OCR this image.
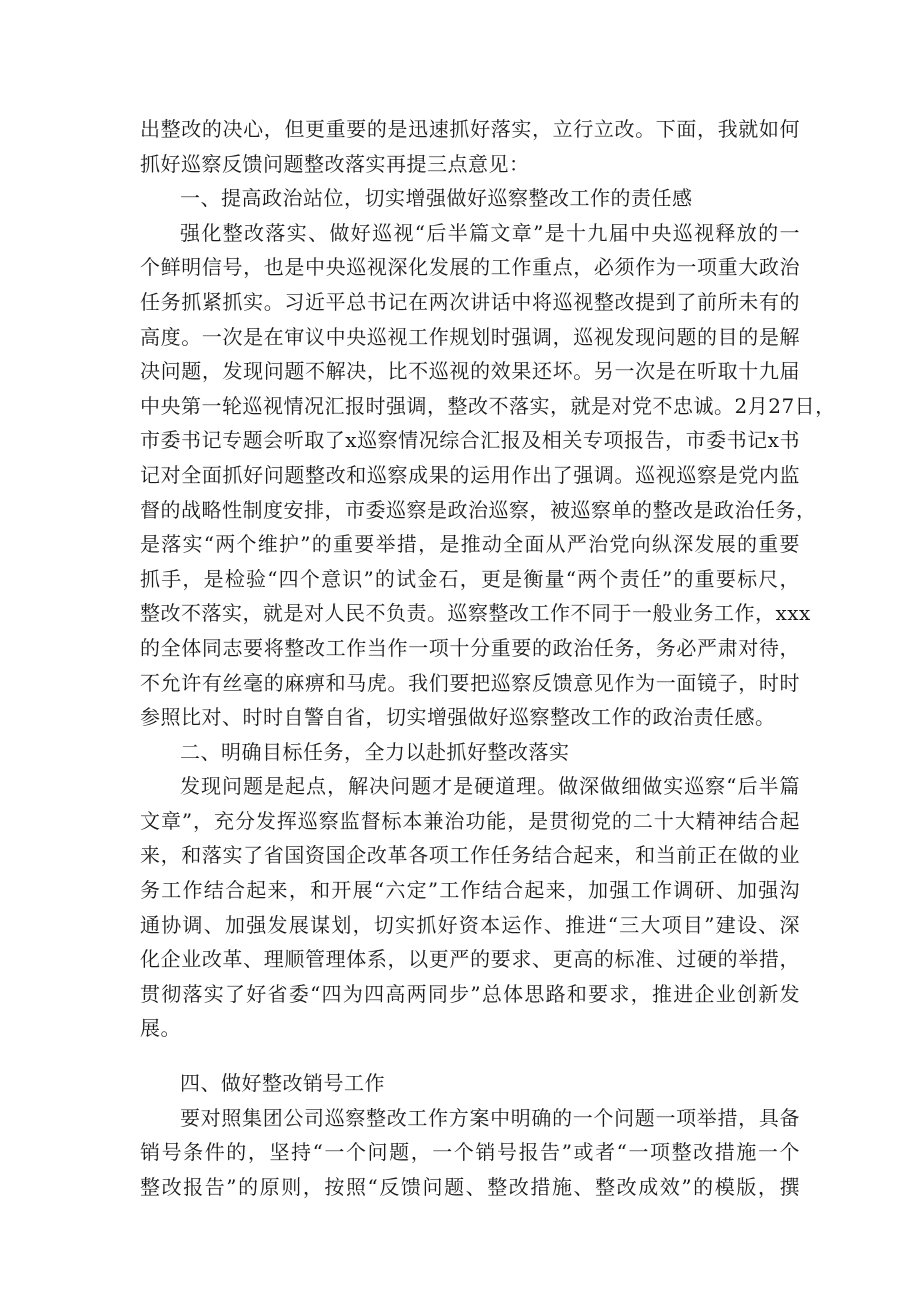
出整改的决心，但更重要的是迅速抓好落实，立行立改。下面，我就如何
抓好巡察反馈问题整改落实再提三点意见：
一、提高政治站位，切实增强做好巡察整改工作的责任感
强化整改落实、做好巡视“后半篇文章”是十九届中央巡视释放的一
个鲜明信号，也是中央巡视深化发展的工作重点，必须作为一项重大政治
任务抓紧抓实。习近平总书记在两次讲话中将巡视整改提到了前所未有的
高度。一次是在审议中央巡视工作规划时强调，巡视发现问题的目的是解
决问题，发现问题不解决，比不巡视的效果还坏。另一次是在听取十九届
中央第一轮巡视情况汇报时强调，整改不落实，就是对党不忠诚。2月27日，
市委书记专题会听取了x巡察情况综合汇报及相关专项报告，市委书记x书
记对全面抓好问题整改和巡察成果的运用作出了强调。巡视巡察是党内监
督的战略性制度安排，市委巡察是政治巡察，被巡察单的整改是政治任务，
是落实“两个维护”的重要举措，是推动全面从严治党向纵深发展的重要
抓手，是检验“四个意识”的试金石，更是衡量“两个责任”的重要标尺，
整改不落实，就是对人民不负责。巡察整改工作不同于一般业务工作，xxx
的全体同志要将整改工作当作一项十分重要的政治任务，务必严肃对待，
不允许有丝毫的麻痹和马虎。我们要把巡察反馈意见作为一面镜子，时时
参照比对、时时自警自省，切实增强做好巡察整改工作的政治责任感。
二、明确目标任务，全力以赴抓好整改落实
发现问题是起点，解决问题才是硬道理。做深做细做实巡察“后半篇
文章”，充分发挥巡察监督标本兼治功能，是贯彻党的二十大精神结合起
来，和落实了省国资国企改革各项工作任务结合起来，和当前正在做的业
务工作结合起来，和开展“六定”工作结合起来，加强工作调研、加强沟
通协调、加强发展谋划，切实抓好资本运作、推进“三大项目”建设、深
化企业改革、理顺管理体系，以更严的要求、更高的标准、过硬的举措，
贯彻落实了好省委“四为四高两同步”总体思路和要求，推进企业创新发
展。
四、做好整改销号工作
要对照集团公司巡察整改工作方案中明确的一个问题一项举措，具备
销号条件的，坚持“一个问题，一个销号报告”或者“一项整改措施一个
整改报告”的原则，按照“反馈问题、整改措施、整改成效”的模版，撰
